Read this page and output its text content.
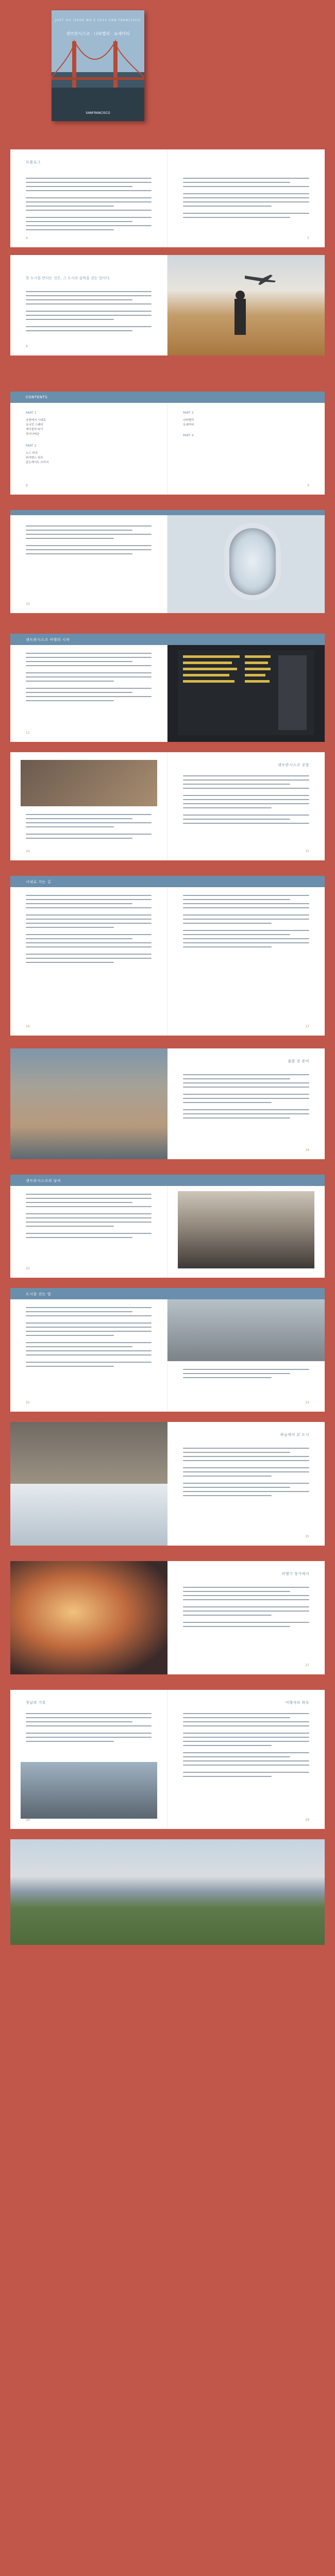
JUST GO ISSUE NO.2 2014 SAN FRANCISCO
샌프란시스코 · 나파밸리 · 요세미티
SANFRANCISCO
프롤로그
4	5
한 도시를 안다는 것은, 그 도시의 골목을 걷는 일이다.
6
CONTENTS
PART 1
공항에서 시내로
유니언 스퀘어
케이블카 타기
차이나타운
PART 2
노스 비치
피셔맨스 워프
골든게이트 브리지
8
PART 3
나파밸리
요세미티
PART 4
9
10
샌프란시스코 여행의 시작
12
14
샌프란시스코 공항
15
시내로 가는 길
16	17
출발 전 준비
19
샌프란시스코의 날씨
20
도시를 걷는 법
22	23
하늘에서 본 도시
25
비행기 창가에서
27
첫날의 기록
28
여행자의 하루
29
